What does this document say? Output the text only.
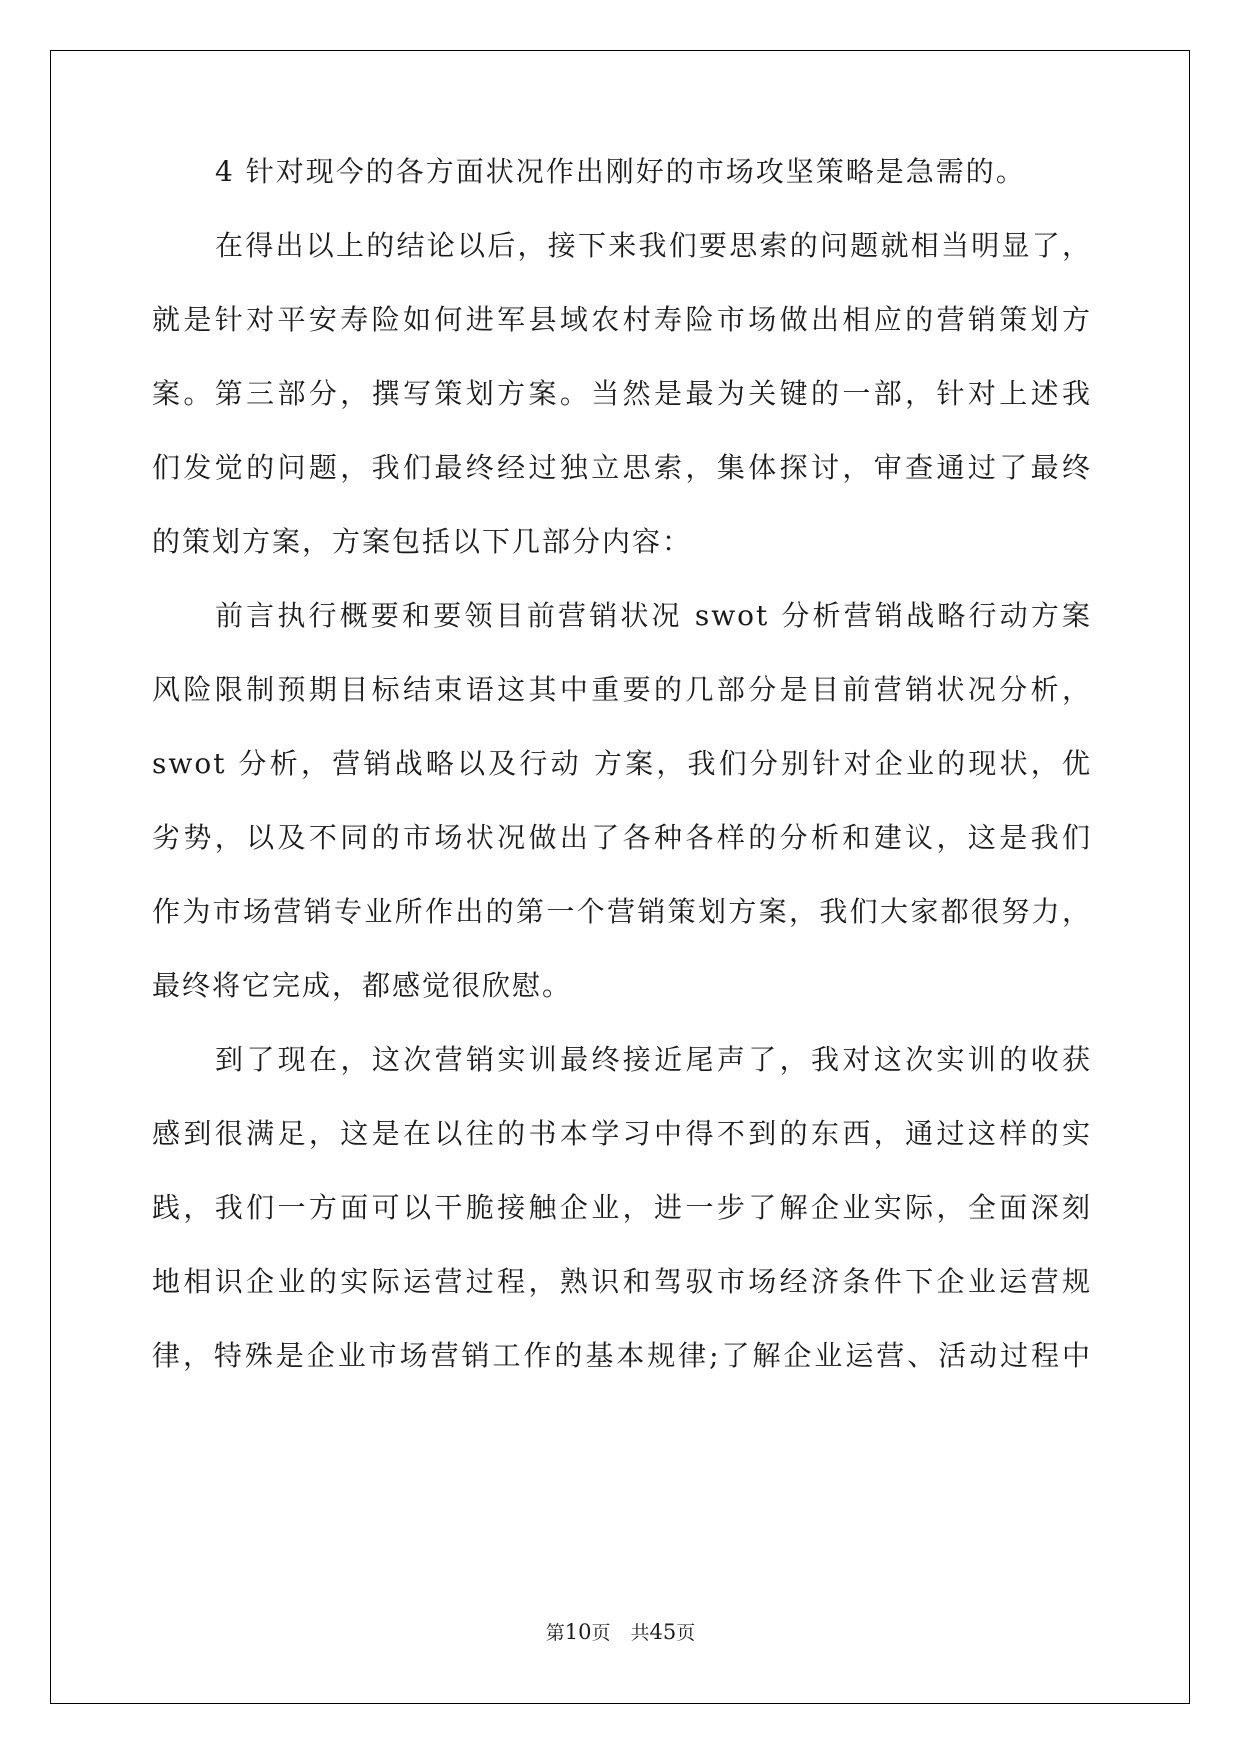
4 针对现今的各方面状况作出刚好的市场攻坚策略是急需的。
在得出以上的结论以后，接下来我们要思索的问题就相当明显了，
就是针对平安寿险如何进军县域农村寿险市场做出相应的营销策划方
案。第三部分，撰写策划方案。当然是最为关键的一部，针对上述我
们发觉的问题，我们最终经过独立思索，集体探讨，审查通过了最终
的策划方案，方案包括以下几部分内容：
前言执行概要和要领目前营销状况 swot 分析营销战略行动方案
风险限制预期目标结束语这其中重要的几部分是目前营销状况分析，
swot 分析，营销战略以及行动 方案，我们分别针对企业的现状，优
劣势，以及不同的市场状况做出了各种各样的分析和建议，这是我们
作为市场营销专业所作出的第一个营销策划方案，我们大家都很努力，
最终将它完成，都感觉很欣慰。
到了现在，这次营销实训最终接近尾声了，我对这次实训的收获
感到很满足，这是在以往的书本学习中得不到的东西，通过这样的实
践，我们一方面可以干脆接触企业，进一步了解企业实际，全面深刻
地相识企业的实际运营过程，熟识和驾驭市场经济条件下企业运营规
律，特殊是企业市场营销工作的基本规律;了解企业运营、活动过程中
第10页 共45页
